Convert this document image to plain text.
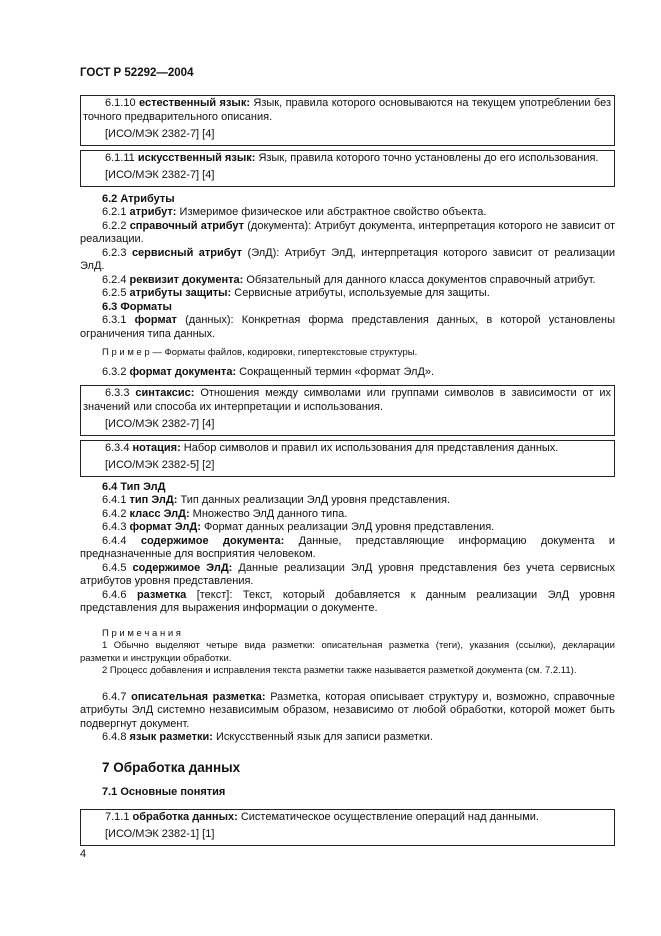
ГОСТ Р 52292—2004

6.1.10 естественный язык: Язык, правила которого основываются на текущем употреблении без точного предварительного описания.

[ИСО/МЭК 2382-7] [4]

6.1.11 искусственный язык: Язык, правила которого точно установлены до его использования.

[ИСО/МЭК 2382-7] [4]

6.2 Атрибуты

6.2.1 атрибут: Измеримое физическое или абстрактное свойство объекта.

6.2.2 справочный атрибут (документа): Атрибут документа, интерпретация которого не зависит от реализации.

6.2.3 сервисный атрибут (ЭлД): Атрибут ЭлД, интерпретация которого зависит от реализации ЭлД.

6.2.4 реквизит документа: Обязательный для данного класса документов справочный атрибут.

6.2.5 атрибуты защиты: Сервисные атрибуты, используемые для защиты.

6.3 Форматы

6.3.1 формат (данных): Конкретная форма представления данных, в которой установлены ограничения типа данных.

П р и м е р — Форматы файлов, кодировки, гипертекстовые структуры.

6.3.2 формат документа: Сокращенный термин «формат ЭлД».

6.3.3 синтаксис: Отношения между символами или группами символов в зависимости от их значений или способа их интерпретации и использования.

[ИСО/МЭК 2382-7] [4]

6.3.4 нотация: Набор символов и правил их использования для представления данных.

[ИСО/МЭК 2382-5] [2]

6.4 Тип ЭлД

6.4.1 тип ЭлД: Тип данных реализации ЭлД уровня представления.

6.4.2 класс ЭлД: Множество ЭлД данного типа.

6.4.3 формат ЭлД: Формат данных реализации ЭлД уровня представления.

6.4.4 содержимое документа: Данные, представляющие информацию документа и предназначенные для восприятия человеком.

6.4.5 содержимое ЭлД: Данные реализации ЭлД уровня представления без учета сервисных атрибутов уровня представления.

6.4.6 разметка [текст]: Текст, который добавляется к данным реализации ЭлД уровня представления для выражения информации о документе.

П р и м е ч а н и я

1 Обычно выделяют четыре вида разметки: описательная разметка (теги), указания (ссылки), декларации разметки и инструкции обработки.

2 Процесс добавления и исправления текста разметки также называется разметкой документа (см. 7.2.11).

6.4.7 описательная разметка: Разметка, которая описывает структуру и, возможно, справочные атрибуты ЭлД системно независимым образом, независимо от любой обработки, которой может быть подвергнут документ.

6.4.8 язык разметки: Искусственный язык для записи разметки.

7 Обработка данных

7.1 Основные понятия

7.1.1 обработка данных: Систематическое осуществление операций над данными.

[ИСО/МЭК 2382-1] [1]

4
